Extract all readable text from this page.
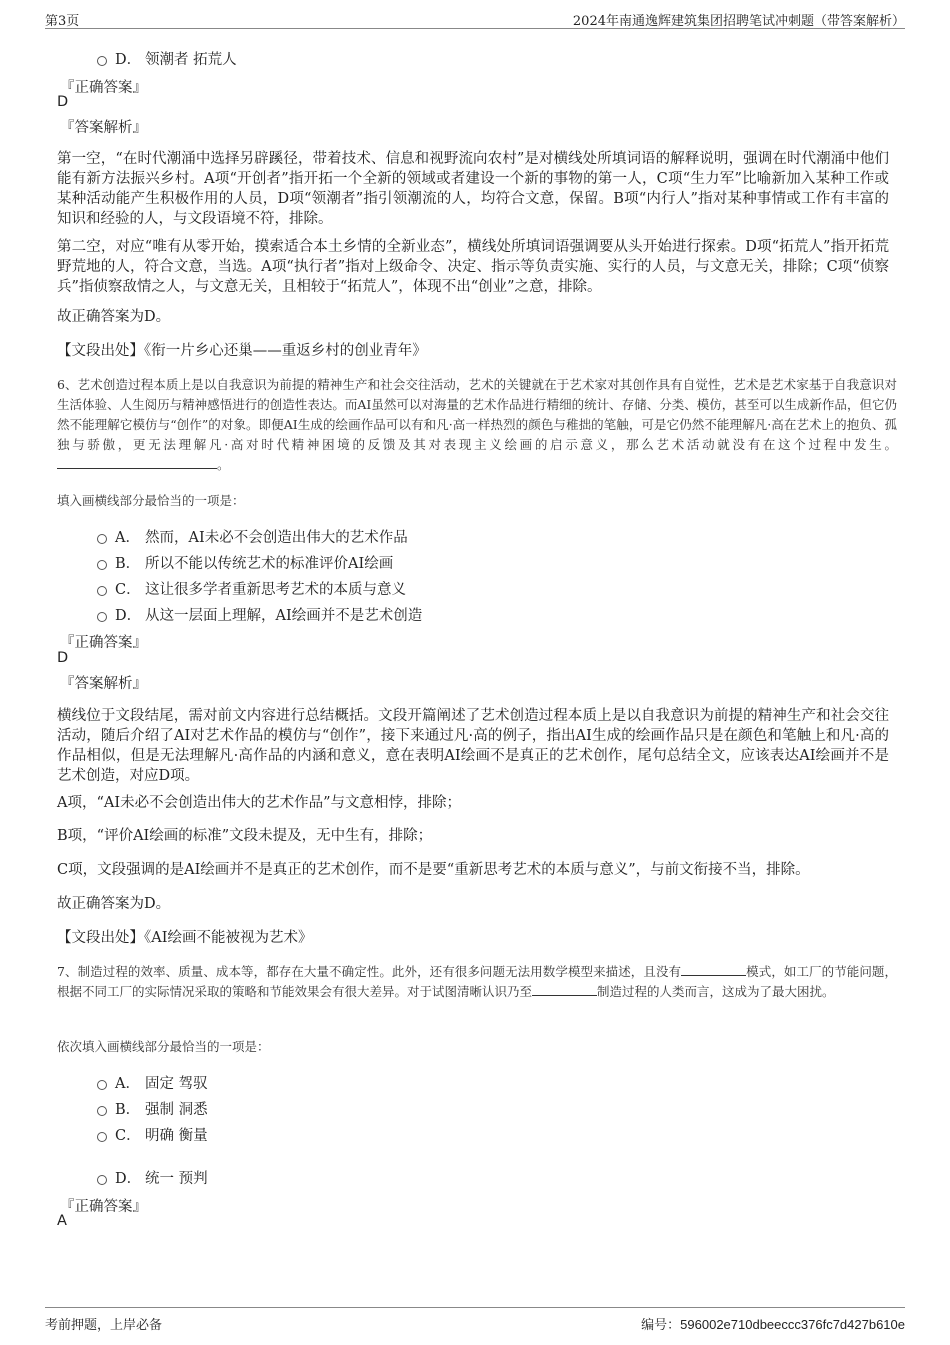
第3页	2024年南通逸辉建筑集团招聘笔试冲刺题（带答案解析）
D． 领潮者 拓荒人
『正确答案』
D
『答案解析』
第一空，“在时代潮涌中选择另辟蹊径，带着技术、信息和视野流向农村”是对横线处所填词语的解释说明，强调在时代潮涌中他们能有新方法振兴乡村。A项“开创者”指开拓一个全新的领域或者建设一个新的事物的第一人，C项“生力军”比喻新加入某种工作或某种活动能产生积极作用的人员，D项“领潮者”指引领潮流的人，均符合文意，保留。B项“内行人”指对某种事情或工作有丰富的知识和经验的人，与文段语境不符，排除。
第二空，对应“唯有从零开始，摸索适合本土乡情的全新业态”，横线处所填词语强调要从头开始进行探索。D项“拓荒人”指开拓荒野荒地的人，符合文意，当选。A项“执行者”指对上级命令、决定、指示等负责实施、实行的人员，与文意无关，排除；C项“侦察兵”指侦察敌情之人，与文意无关，且相较于“拓荒人”，体现不出“创业”之意，排除。
故正确答案为D。
【文段出处】《衔一片乡心还巢——重返乡村的创业青年》
6、艺术创造过程本质上是以自我意识为前提的精神生产和社会交往活动，艺术的关键就在于艺术家对其创作具有自觉性，艺术是艺术家基于自我意识对生活体验、人生阅历与精神感悟进行的创造性表达。而AI虽然可以对海量的艺术作品进行精细的统计、存储、分类、模仿，甚至可以生成新作品，但它仍然不能理解它模仿与“创作”的对象。即便AI生成的绘画作品可以有和凡·高一样热烈的颜色与稚拙的笔触，可是它仍然不能理解凡·高在艺术上的抱负、孤独与骄傲，更无法理解凡·高对时代精神困境的反馈及其对表现主义绘画的启示意义，那么艺术活动就没有在这个过程中发生。。
填入画横线部分最恰当的一项是：
A． 然而，AI未必不会创造出伟大的艺术作品
B． 所以不能以传统艺术的标准评价AI绘画
C． 这让很多学者重新思考艺术的本质与意义
D． 从这一层面上理解，AI绘画并不是艺术创造
『正确答案』
D
『答案解析』
横线位于文段结尾，需对前文内容进行总结概括。文段开篇阐述了艺术创造过程本质上是以自我意识为前提的精神生产和社会交往活动，随后介绍了AI对艺术作品的模仿与“创作”，接下来通过凡·高的例子，指出AI生成的绘画作品只是在颜色和笔触上和凡·高的作品相似，但是无法理解凡·高作品的内涵和意义，意在表明AI绘画不是真正的艺术创作，尾句总结全文，应该表达AI绘画并不是艺术创造，对应D项。
A项，“AI未必不会创造出伟大的艺术作品”与文意相悖，排除；
B项，“评价AI绘画的标准”文段未提及，无中生有，排除；
C项，文段强调的是AI绘画并不是真正的艺术创作，而不是要“重新思考艺术的本质与意义”，与前文衔接不当，排除。
故正确答案为D。
【文段出处】《AI绘画不能被视为艺术》
7、制造过程的效率、质量、成本等，都存在大量不确定性。此外，还有很多问题无法用数学模型来描述，且没有	模式，如工厂的节能问题，根据不同工厂的实际情况采取的策略和节能效果会有很大差异。对于试图清晰认识乃至	制造过程的人类而言，这成为了最大困扰。
依次填入画横线部分最恰当的一项是：
A． 固定 驾驭
B． 强制 洞悉
C． 明确 衡量
D． 统一 预判
『正确答案』
A
考前押题，上岸必备	编号：596002e710dbeeccc376fc7d427b610e
